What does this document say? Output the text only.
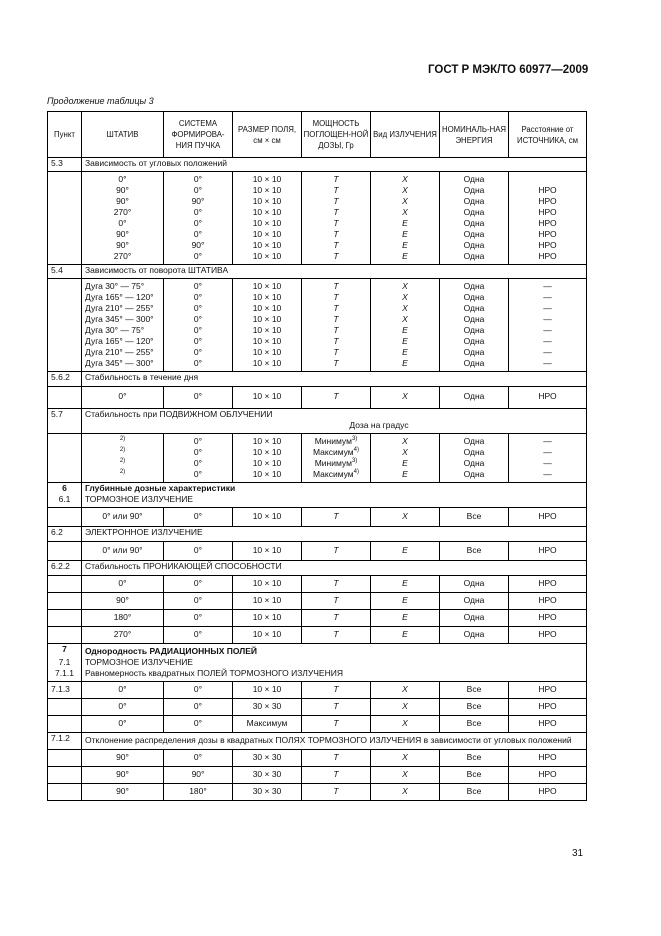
ГОСТ Р МЭК/ТО 60977—2009
Продолжение таблицы 3
Пункт	ШТАТИВ	СИСТЕМА ФОРМИРОВА-НИЯ ПУЧКА	РАЗМЕР ПОЛЯ, см × см	МОЩНОСТЬ ПОГЛОЩЕН-НОЙ ДОЗЫ, Гр	Вид ИЗЛУЧЕНИЯ	НОМИНАЛЬ-НАЯ ЭНЕРГИЯ	Расстояние от ИСТОЧНИКА, см
5.3	Зависимость от угловых положений						

	0°	0°	10 × 10	T	X	Одна	
	90°	0°	10 × 10	T	X	Одна	НРО
	90°	90°	10 × 10	T	X	Одна	НРО
	270°	0°	10 × 10	T	X	Одна	НРО
	0°	0°	10 × 10	T	E	Одна	НРО
	90°	0°	10 × 10	T	E	Одна	НРО
	90°	90°	10 × 10	T	E	Одна	НРО
	270°	0°	10 × 10	T	E	Одна	НРО

5.4	Зависимость от поворота ШТАТИВА						

	Дуга 30° — 75°	0°	10 × 10	T	X	Одна	—
	Дуга 165° — 120°	0°	10 × 10	T	X	Одна	—
	Дуга 210° — 255°	0°	10 × 10	T	X	Одна	—
	Дуга 345° — 300°	0°	10 × 10	T	X	Одна	—
	Дуга 30° — 75°	0°	10 × 10	T	E	Одна	—
	Дуга 165° — 120°	0°	10 × 10	T	E	Одна	—
	Дуга 210° — 255°	0°	10 × 10	T	E	Одна	—
	Дуга 345° — 300°	0°	10 × 10	T	E	Одна	—

5.6.2	Стабильность в течение дня						
	0°	0°	10 × 10	T	X	Одна	НРО

5.7	Стабильность при ПОДВИЖНОМ ОБЛУЧЕНИИ						
	Доза на градус						

	2)	0°	10 × 10	Минимум$^{3)}$	X	Одна	—
	2)	0°	10 × 10	Максимум$^{4)}$	X	Одна	—
	2)	0°	10 × 10	Минимум$^{3)}$	E	Одна	—
	2)	0°	10 × 10	Максимум$^{4)}$	E	Одна	—

6	Глубинные дозные характеристики						
6.1	ТОРМОЗНОЕ ИЗЛУЧЕНИЕ						
	0° или 90°	0°	10 × 10	T	X	Все	НРО
6.2	ЭЛЕКТРОННОЕ ИЗЛУЧЕНИЕ						
	0° или 90°	0°	10 × 10	T	E	Все	НРО
6.2.2	Стабильность ПРОНИКАЮЩЕЙ СПОСОБНОСТИ						
	0°	0°	10 × 10	T	E	Одна	НРО
	90°	0°	10 × 10	T	E	Одна	НРО
	180°	0°	10 × 10	T	E	Одна	НРО
	270°	0°	10 × 10	T	E	Одна	НРО
7	Однородность РАДИАЦИОННЫХ ПОЛЕЙ						
7.1	ТОРМОЗНОЕ ИЗЛУЧЕНИЕ						
7.1.1	Равномерность квадратных ПОЛЕЙ ТОРМОЗНОГО ИЗЛУЧЕНИЯ						
7.1.3	0°	0°	10 × 10	T	X	Все	НРО
	0°	0°	30 × 30	T	X	Все	НРО
	0°	0°	Максимум	T	X	Все	НРО
7.1.2	Отклонение распределения дозы в квадратных ПОЛЯХ ТОРМОЗНОГО ИЗЛУЧЕНИЯ в зависимости от угловых положений						
	90°	0°	30 × 30	T	X	Все	НРО
	90°	90°	30 × 30	T	X	Все	НРО
	90°	180°	30 × 30	T	X	Все	НРО
31
